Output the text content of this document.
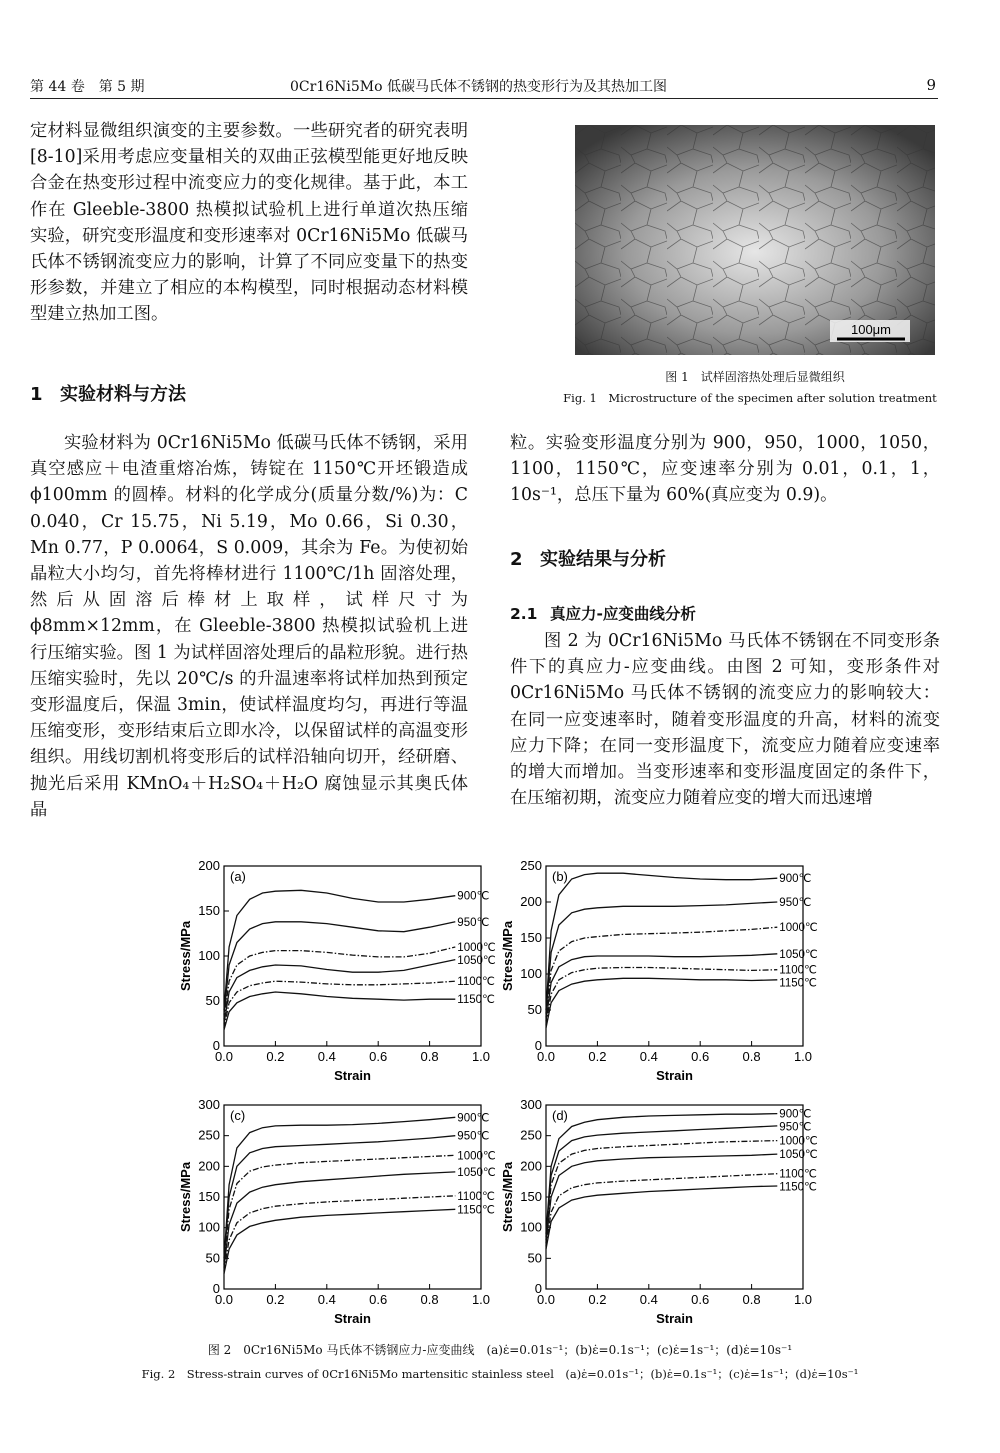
第 44 卷　第 5 期	0Cr16Ni5Mo 低碳马氏体不锈钢的热变形行为及其热加工图	9
定材料显微组织演变的主要参数。一些研究者的研究表明[8-10]采用考虑应变量相关的双曲正弦模型能更好地反映合金在热变形过程中流变应力的变化规律。基于此，本工作在 Gleeble-3800 热模拟试验机上进行单道次热压缩实验，研究变形温度和变形速率对 0Cr16Ni5Mo 低碳马氏体不锈钢流变应力的影响，计算了不同应变量下的热变形参数，并建立了相应的本构模型，同时根据动态材料模型建立热加工图。
1 实验材料与方法
实验材料为 0Cr16Ni5Mo 低碳马氏体不锈钢，采用真空感应＋电渣重熔冶炼，铸锭在 1150℃开坯锻造成 ϕ100mm 的圆棒。材料的化学成分(质量分数/%)为：C 0.040，Cr 15.75，Ni 5.19，Mo 0.66，Si 0.30，Mn 0.77，P 0.0064，S 0.009，其余为 Fe。为使初始晶粒大小均匀，首先将棒材进行 1100℃/1h 固溶处理，然后从固溶后棒材上取样，试样尺寸为 ϕ8mm×12mm，在 Gleeble-3800 热模拟试验机上进行压缩实验。图 1 为试样固溶处理后的晶粒形貌。进行热压缩实验时，先以 20℃/s 的升温速率将试样加热到预定变形温度后，保温 3min，使试样温度均匀，再进行等温压缩变形，变形结束后立即水冷，以保留试样的高温变形组织。用线切割机将变形后的试样沿轴向切开，经研磨、抛光后采用 KMnO₄＋H₂SO₄＋H₂O 腐蚀显示其奥氏体晶
100μm
图 1　试样固溶热处理后显微组织
Fig. 1　Microstructure of the specimen after solution treatment
粒。实验变形温度分别为 900，950，1000，1050，1100，1150℃，应变速率分别为 0.01，0.1，1，10s⁻¹，总压下量为 60%(真应变为 0.9)。
2 实验结果与分析
2.1 真应力-应变曲线分析
图 2 为 0Cr16Ni5Mo 马氏体不锈钢在不同变形条件下的真应力-应变曲线。由图 2 可知，变形条件对 0Cr16Ni5Mo 马氏体不锈钢的流变应力的影响较大：在同一应变速率时，随着变形温度的升高，材料的流变应力下降；在同一变形温度下，流变应力随着应变速率的增大而增加。当变形速率和变形温度固定的条件下，在压缩初期，流变应力随着应变的增大而迅速增
0.0	0.2	0.4	0.6	0.8	1.0
0
50
100
150
200
Strain
Stress/MPa
(a)
900℃
950℃
1000℃
1050℃
1100℃
1150℃
0.0	0.2	0.4	0.6	0.8	1.0
0
50
100
150
200
250
Strain
Stress/MPa
(b)	900℃
950℃
1000℃
1050℃
1100℃
1150℃
0.0	0.2	0.4	0.6	0.8	1.0
0
50
100
150
200
250
300
Strain
Stress/MPa
(c)	900℃
950℃
1000℃
1050℃
1100℃
1150℃
0.0	0.2	0.4	0.6	0.8	1.0
0
50
100
150
200
250
300
Strain
Stress/MPa
(d)	900℃
950℃
1000℃
1050℃
1100℃
1150℃
图 2　0Cr16Ni5Mo 马氏体不锈钢应力-应变曲线　(a)ε̇=0.01s⁻¹；(b)ε̇=0.1s⁻¹；(c)ε̇=1s⁻¹；(d)ε̇=10s⁻¹
Fig. 2　Stress-strain curves of 0Cr16Ni5Mo martensitic stainless steel　(a)ε̇=0.01s⁻¹；(b)ε̇=0.1s⁻¹；(c)ε̇=1s⁻¹；(d)ε̇=10s⁻¹
